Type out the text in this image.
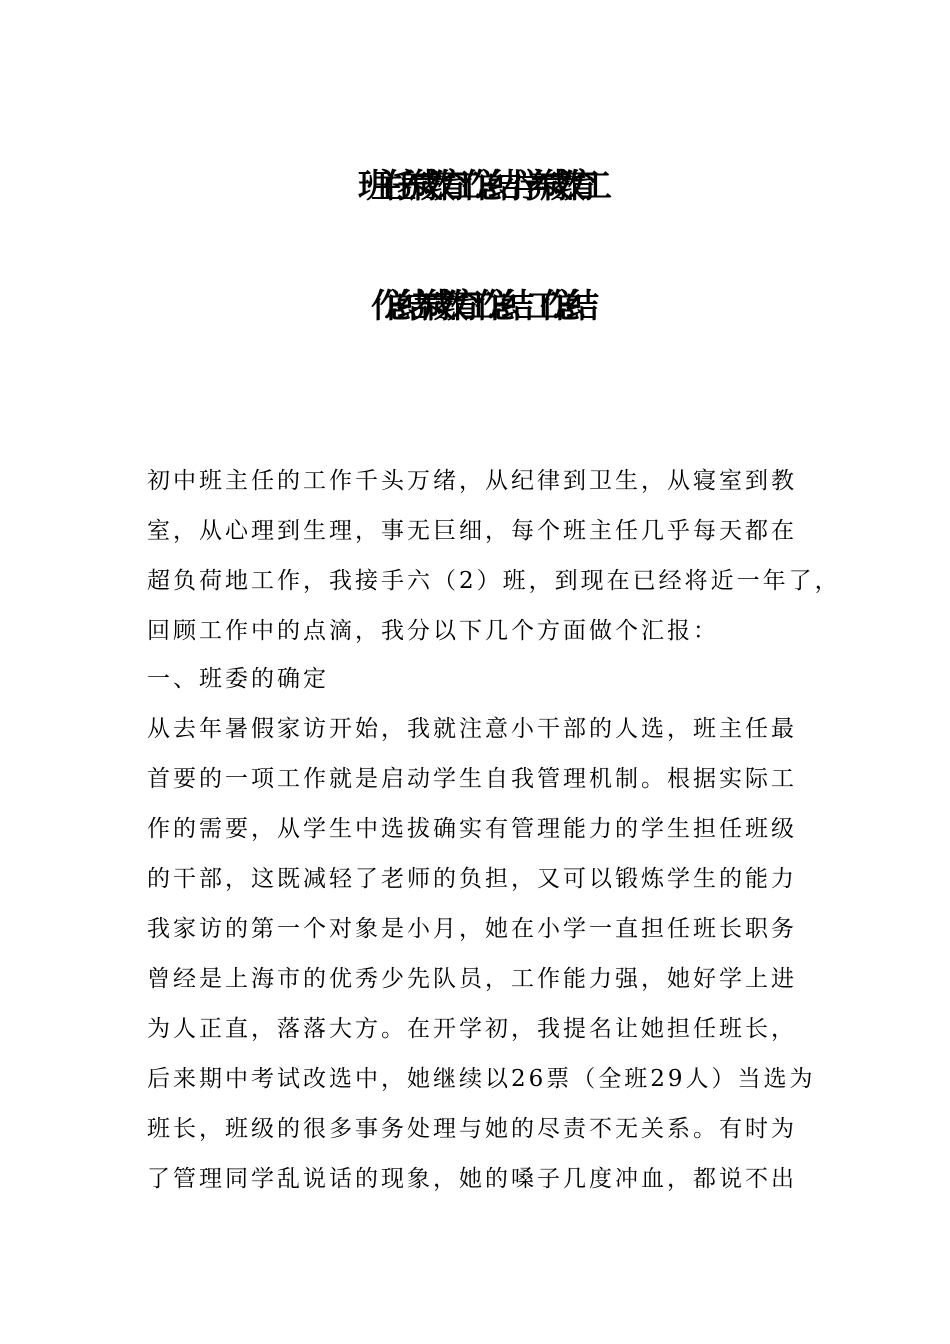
班主任养成教育工作总结小学养成教育工
作总结养成教育工作总结　工作总结
初中班主任的工作千头万绪，从纪律到卫生，从寝室到教
室，从心理到生理，事无巨细，每个班主任几乎每天都在
超负荷地工作，我接手六（2）班，到现在已经将近一年了，
回顾工作中的点滴，我分以下几个方面做个汇报：
一、班委的确定
从去年暑假家访开始，我就注意小干部的人选，班主任最
首要的一项工作就是启动学生自我管理机制。根据实际工
作的需要，从学生中选拔确实有管理能力的学生担任班级
的干部，这既减轻了老师的负担，又可以锻炼学生的能力
我家访的第一个对象是小月，她在小学一直担任班长职务
曾经是上海市的优秀少先队员，工作能力强，她好学上进
为人正直，落落大方。在开学初，我提名让她担任班长，
后来期中考试改选中，她继续以26票（全班29人）当选为
班长，班级的很多事务处理与她的尽责不无关系。有时为
了管理同学乱说话的现象，她的嗓子几度冲血，都说不出
